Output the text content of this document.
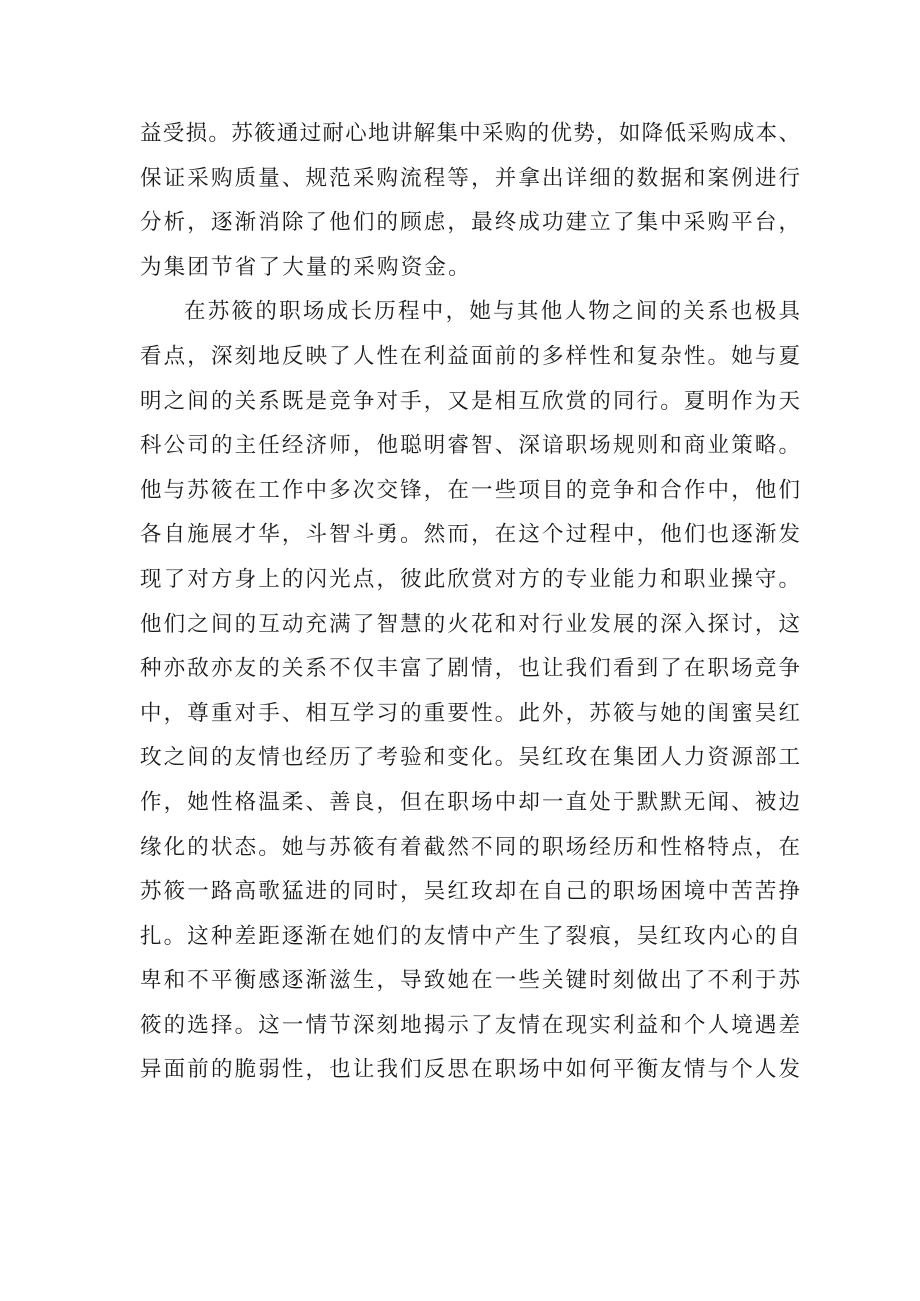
益受损。苏筱通过耐心地讲解集中采购的优势，如降低采购成本、
保证采购质量、规范采购流程等，并拿出详细的数据和案例进行
分析，逐渐消除了他们的顾虑，最终成功建立了集中采购平台，
为集团节省了大量的采购资金。
在苏筱的职场成长历程中，她与其他人物之间的关系也极具
看点，深刻地反映了人性在利益面前的多样性和复杂性。她与夏
明之间的关系既是竞争对手，又是相互欣赏的同行。夏明作为天
科公司的主任经济师，他聪明睿智、深谙职场规则和商业策略。
他与苏筱在工作中多次交锋，在一些项目的竞争和合作中，他们
各自施展才华，斗智斗勇。然而，在这个过程中，他们也逐渐发
现了对方身上的闪光点，彼此欣赏对方的专业能力和职业操守。
他们之间的互动充满了智慧的火花和对行业发展的深入探讨，这
种亦敌亦友的关系不仅丰富了剧情，也让我们看到了在职场竞争
中，尊重对手、相互学习的重要性。此外，苏筱与她的闺蜜吴红
玫之间的友情也经历了考验和变化。吴红玫在集团人力资源部工
作，她性格温柔、善良，但在职场中却一直处于默默无闻、被边
缘化的状态。她与苏筱有着截然不同的职场经历和性格特点，在
苏筱一路高歌猛进的同时，吴红玫却在自己的职场困境中苦苦挣
扎。这种差距逐渐在她们的友情中产生了裂痕，吴红玫内心的自
卑和不平衡感逐渐滋生，导致她在一些关键时刻做出了不利于苏
筱的选择。这一情节深刻地揭示了友情在现实利益和个人境遇差
异面前的脆弱性，也让我们反思在职场中如何平衡友情与个人发
